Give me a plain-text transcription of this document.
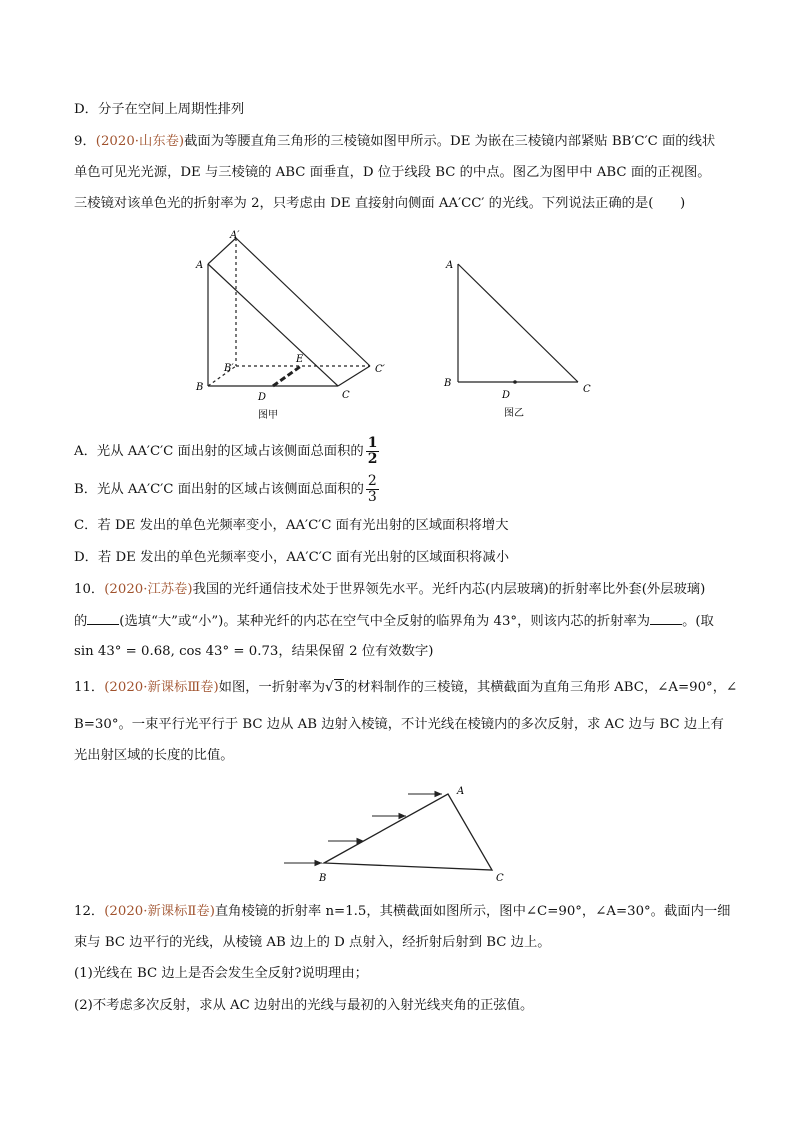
D．分子在空间上周期性排列
9．(2020·山东卷)截面为等腰直角三角形的三棱镜如图甲所示。DE 为嵌在三棱镜内部紧贴 BB′C′C 面的线状
单色可见光光源，DE 与三棱镜的 ABC 面垂直，D 位于线段 BC 的中点。图乙为图甲中 ABC 面的正视图。
三棱镜对该单色光的折射率为 2，只考虑由 DE 直接射向侧面 AA′CC′ 的光线。下列说法正确的是(　　)
A′
A
B′
E
B
D	C
C′
图甲
A
B
D
C
图乙
A．光从 AA′C′C 面出射的区域占该侧面总面积的 $\frac{1}{2}$
B．光从 AA′C′C 面出射的区域占该侧面总面积的 $\frac{2}{3}$
C．若 DE 发出的单色光频率变小，AA′C′C 面有光出射的区域面积将增大
D．若 DE 发出的单色光频率变小，AA′C′C 面有光出射的区域面积将减小
10．(2020·江苏卷)我国的光纤通信技术处于世界领先水平。光纤内芯(内层玻璃)的折射率比外套(外层玻璃)
的 (选填“大”或“小”)。某种光纤的内芯在空气中全反射的临界角为 43°，则该内芯的折射率为 。(取
sin 43° = 0.68, cos 43° = 0.73，结果保留 2 位有效数字)
11．(2020·新课标Ⅲ卷)如图，一折射率为√3的材料制作的三棱镜，其横截面为直角三角形 ABC，∠A=90°，∠
B=30°。一束平行光平行于 BC 边从 AB 边射入棱镜，不计光线在棱镜内的多次反射，求 AC 边与 BC 边上有
光出射区域的长度的比值。
A
B	C
12．(2020·新课标Ⅱ卷)直角棱镜的折射率 n=1.5，其横截面如图所示，图中∠C=90°，∠A=30°。截面内一细
束与 BC 边平行的光线，从棱镜 AB 边上的 D 点射入，经折射后射到 BC 边上。
(1)光线在 BC 边上是否会发生全反射?说明理由；
(2)不考虑多次反射，求从 AC 边射出的光线与最初的入射光线夹角的正弦值。
